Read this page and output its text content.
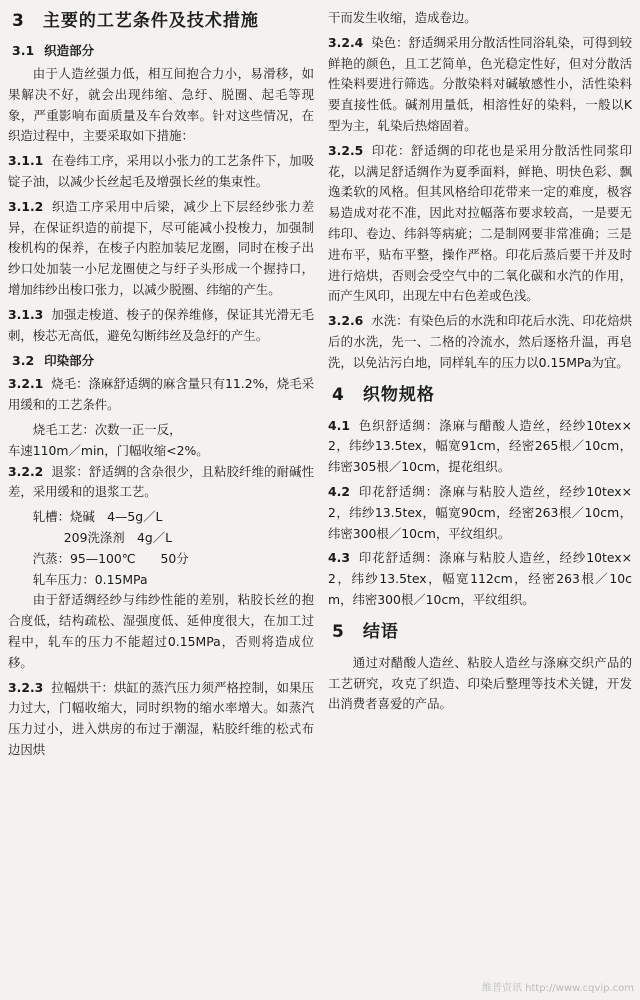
3 主要的工艺条件及技术措施
3.1 织造部分

由于人造丝强力低，相互间抱合力小，易滑移，如果解决不好，就会出现纬缩、急纡、脱圈、起毛等现象，严重影响布面质量及车台效率。针对这些情况，在织造过程中，主要采取如下措施：

3.1.1 在卷纬工序，采用以小张力的工艺条件下，加吸锭子油，以减少长丝起毛及增强长丝的集束性。

3.1.2 织造工序采用中后梁，减少上下层经纱张力差异，在保证织造的前提下，尽可能减小投梭力，加强制梭机构的保养，在梭子内腔加装尼龙圈，同时在梭子出纱口处加装一小尼龙圈使之与纡子头形成一个握持口，增加纬纱出梭口张力，以减少脱圈、纬缩的产生。

3.1.3 加强走梭道、梭子的保养维修，保证其光滑无毛刺，梭芯无高低，避免勾断纬丝及急纡的产生。

3.2 印染部分

3.2.1 烧毛：涤麻舒适绸的麻含量只有11.2%，烧毛采用缓和的工艺条件。

烧毛工艺：次数一正一反，
车速110m／min，门幅收缩<2%。

3.2.2 退浆：舒适绸的含杂很少，且粘胶纤维的耐碱性差，采用缓和的退浆工艺。

轧槽：烧碱　4—5g／L
209洗涤剂　4g／L
汽蒸：95—100℃　　50分
轧车压力：0.15MPa

由于舒适绸经纱与纬纱性能的差别，粘胶长丝的抱合度低，结构疏松、湿强度低、延伸度很大，在加工过程中，轧车的压力不能超过0.15MPa，否则将造成位移。

3.2.3 拉幅烘干：烘缸的蒸汽压力须严格控制，如果压力过大，门幅收缩大，同时织物的缩水率增大。如蒸汽压力过小，进入烘房的布过于潮湿，粘胶纤维的松式布边因烘

干而发生收缩，造成卷边。

3.2.4 染色：舒适绸采用分散活性同浴轧染，可得到较鲜艳的颜色，且工艺简单，色光稳定性好，但对分散活性染料要进行筛选。分散染料对碱敏感性小，活性染料要直接性低。碱剂用量低，相溶性好的染料，一般以K型为主，轧染后热熔固着。

3.2.5 印花：舒适绸的印花也是采用分散活性同浆印花，以满足舒适绸作为夏季面料，鲜艳、明快色彩、飘逸柔软的风格。但其风格给印花带来一定的难度，极容易造成对花不准，因此对拉幅落布要求较高，一是要无纬印、卷边、纬斜等病疵；二是制网要非常准确；三是进布平，贴布平整，操作严格。印花后蒸后要干并及时进行焙烘，否则会受空气中的二氧化碳和水汽的作用，而产生风印，出现左中右色差或色浅。

3.2.6 水洗：有染色后的水洗和印花后水洗、印花焙烘后的水洗，先一、二格的冷流水，然后逐格升温，再皂洗，以免沾污白地，同样轧车的压力以0.15MPa为宜。

4 织物规格

4.1 色织舒适绸：涤麻与醋酸人造丝，经纱10tex×2，纬纱13.5tex，幅宽91cm，经密265根／10cm，纬密305根／10cm，提花组织。

4.2 印花舒适绸：涤麻与粘胶人造丝，经纱10tex×2，纬纱13.5tex，幅宽90cm，经密263根／10cm，纬密300根／10cm，平纹组织。

4.3 印花舒适绸：涤麻与粘胶人造丝，经纱10tex×2，纬纱13.5tex，幅宽112cm，经密263根／10cm，纬密300根／10cm，平纹组织。

5 结语

通过对醋酸人造丝、粘胶人造丝与涤麻交织产品的工艺研究，攻克了织造、印染后整理等技术关键，开发出消费者喜爱的产品。

维普资讯 http://www.cqvip.com
